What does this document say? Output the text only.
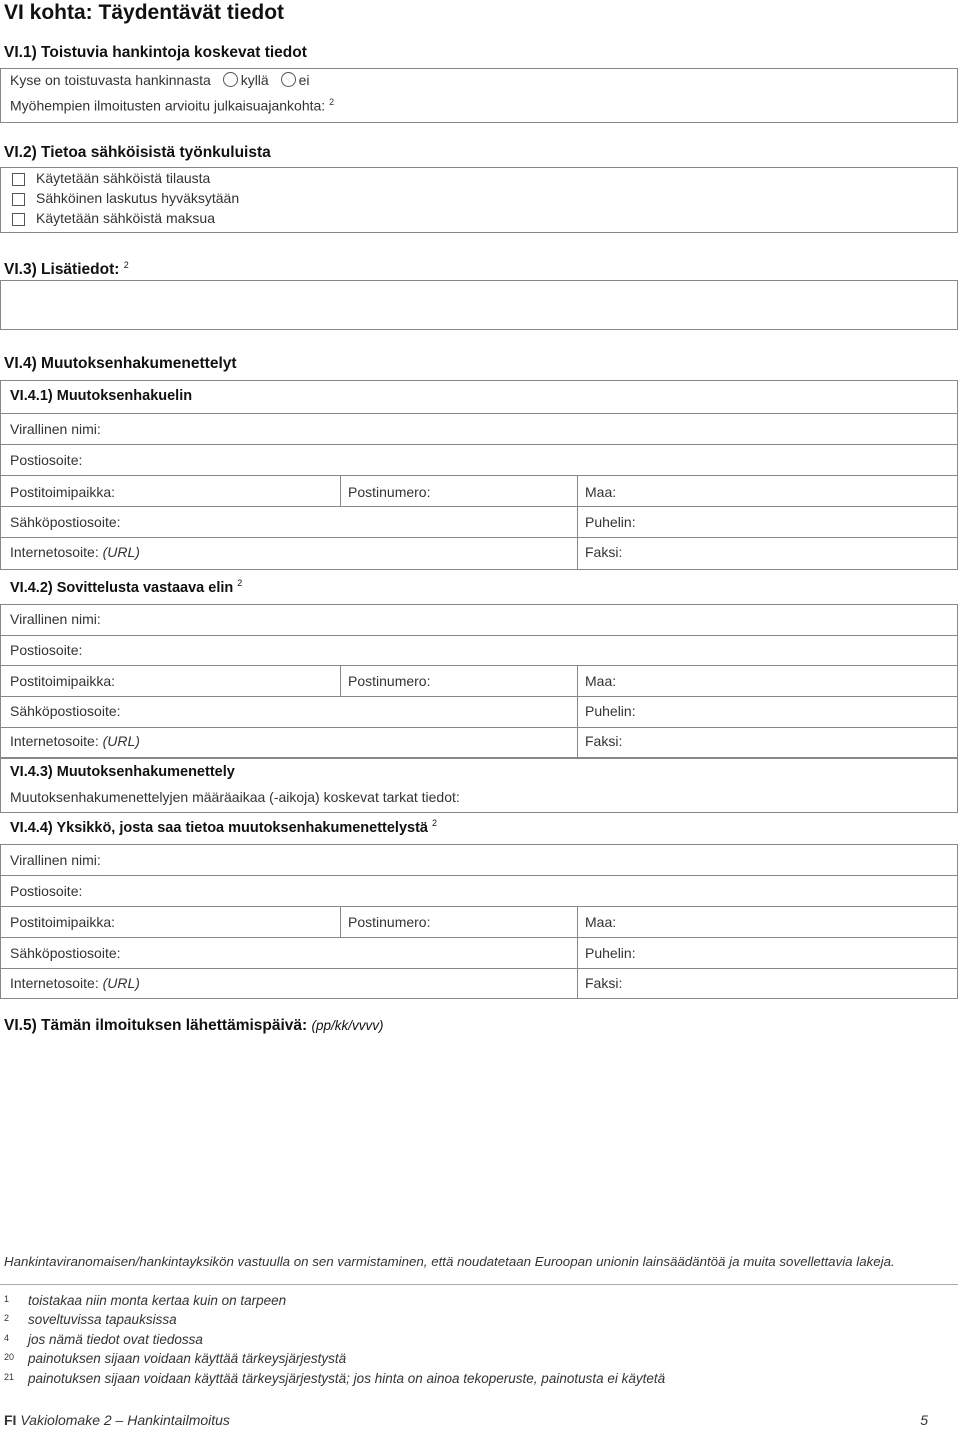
VI kohta: Täydentävät tiedot
VI.1) Toistuvia hankintoja koskevat tiedot
Kyse on toistuvasta hankinnasta kyllä ei
Myöhempien ilmoitusten arvioitu julkaisuajankohta: $^2$
VI.2) Tietoa sähköisistä työnkuluista
Käytetään sähköistä tilausta
Sähköinen laskutus hyväksytään
Käytetään sähköistä maksua
VI.3) Lisätiedot: $^2$
VI.4) Muutoksenhakumenettelyt
VI.4.1) Muutoksenhakuelin
Virallinen nimi:
Postiosoite:
Postitoimipaikka:	Postinumero:	Maa:
Sähköpostiosoite:	Puhelin:
Internetosoite: (URL)	Faksi:
VI.4.2) Sovittelusta vastaava elin $^2$
Virallinen nimi:
Postiosoite:
Postitoimipaikka:	Postinumero:	Maa:
Sähköpostiosoite:	Puhelin:
Internetosoite: (URL)	Faksi:
VI.4.3) Muutoksenhakumenettely
Muutoksenhakumenettelyjen määräaikaa (-aikoja) koskevat tarkat tiedot:
VI.4.4) Yksikkö, josta saa tietoa muutoksenhakumenettelystä $^2$
Virallinen nimi:
Postiosoite:
Postitoimipaikka:	Postinumero:	Maa:
Sähköpostiosoite:	Puhelin:
Internetosoite: (URL)	Faksi:
VI.5) Tämän ilmoituksen lähettämispäivä: (pp/kk/vvvv)
Hankintaviranomaisen/hankintayksikön vastuulla on sen varmistaminen, että noudatetaan Euroopan unionin lainsäädäntöä ja muita sovellettavia lakeja.
1 toistakaa niin monta kertaa kuin on tarpeen
2 soveltuvissa tapauksissa
4 jos nämä tiedot ovat tiedossa
20 painotuksen sijaan voidaan käyttää tärkeysjärjestystä
21 painotuksen sijaan voidaan käyttää tärkeysjärjestystä; jos hinta on ainoa tekoperuste, painotusta ei käytetä
FI Vakiolomake 2 – Hankintailmoitus	5
